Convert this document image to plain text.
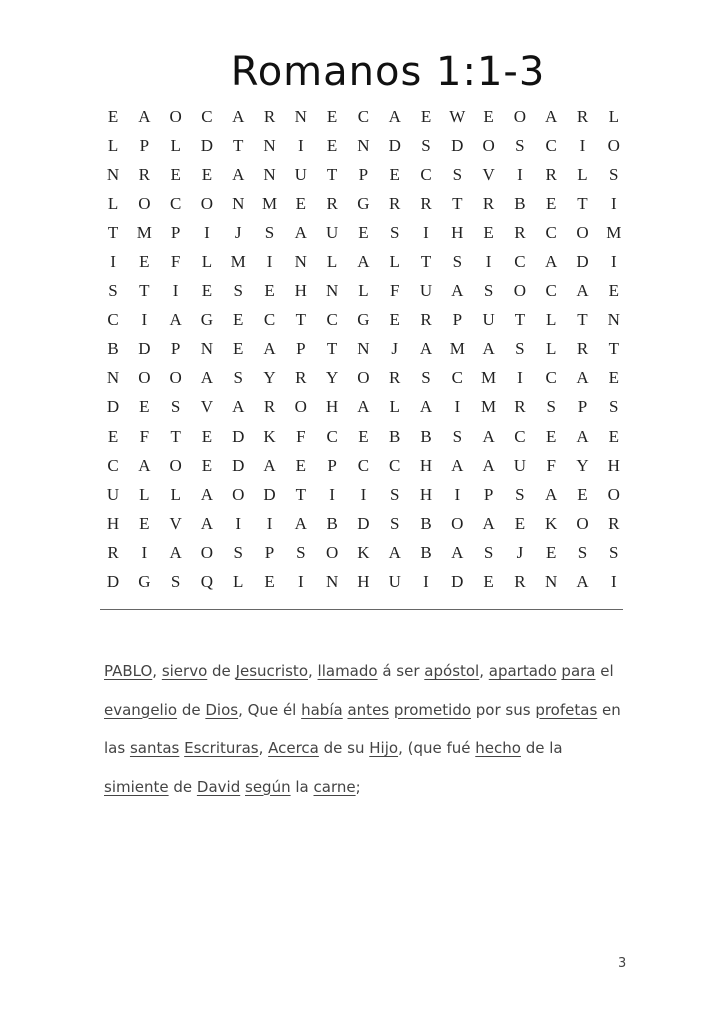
Romanos 1:1-3
E	A	O	C	A	R	N	E	C	A	E	W	E	O	A	R	L
L	P	L	D	T	N	I	E	N	D	S	D	O	S	C	I	O
N	R	E	E	A	N	U	T	P	E	C	S	V	I	R	L	S
L	O	C	O	N	M	E	R	G	R	R	T	R	B	E	T	I
T	M	P	I	J	S	A	U	E	S	I	H	E	R	C	O	M
I	E	F	L	M	I	N	L	A	L	T	S	I	C	A	D	I
S	T	I	E	S	E	H	N	L	F	U	A	S	O	C	A	E
C	I	A	G	E	C	T	C	G	E	R	P	U	T	L	T	N
B	D	P	N	E	A	P	T	N	J	A	M	A	S	L	R	T
N	O	O	A	S	Y	R	Y	O	R	S	C	M	I	C	A	E
D	E	S	V	A	R	O	H	A	L	A	I	M	R	S	P	S
E	F	T	E	D	K	F	C	E	B	B	S	A	C	E	A	E
C	A	O	E	D	A	E	P	C	C	H	A	A	U	F	Y	H
U	L	L	A	O	D	T	I	I	S	H	I	P	S	A	E	O
H	E	V	A	I	I	A	B	D	S	B	O	A	E	K	O	R
R	I	A	O	S	P	S	O	K	A	B	A	S	J	E	S	S
D	G	S	Q	L	E	I	N	H	U	I	D	E	R	N	A	I
PABLO, siervo de Jesucristo, llamado á ser apóstol, apartado para el evangelio de Dios, Que él había antes prometido por sus profetas en las santas Escrituras, Acerca de su Hijo, (que fué hecho de la simiente de David según la carne;
3
